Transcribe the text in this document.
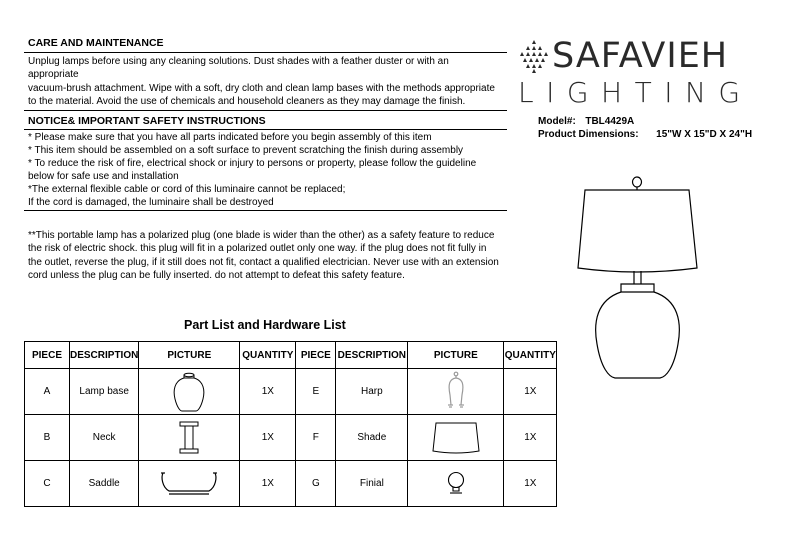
CARE AND MAINTENANCE
Unplug lamps before using any cleaning solutions. Dust shades with a feather duster or with an
appropriate
vacuum-brush attachment. Wipe with a soft, dry cloth and clean lamp bases with the methods appropriate
to the material. Avoid the use of chemicals and household cleaners as they may damage the finish.
NOTICE& IMPORTANT SAFETY INSTRUCTIONS
* Please make sure that you have all parts indicated before you begin assembly of this item
* This item should be assembled on a soft surface to prevent scratching the finish during assembly
* To reduce the risk of fire, electrical shock or injury to persons or property, please follow the guideline
below for safe use and installation
*The external flexible cable or cord of this luminaire cannot be replaced;
If the cord is damaged, the luminaire shall be destroyed
**This portable lamp has a polarized plug (one blade is wider than the other) as a safety feature to reduce
the risk of electric shock. this plug will fit in a polarized outlet only one way. if the plug does not fit fully in
the outlet, reverse the plug, if it still does not fit, contact a qualified electrician. Never use with an extension
cord unless the plug can be fully inserted. do not attempt to defeat this safety feature.
SAFAVIEH
LIGHTING
Model#: TBL4429A
Product Dimensions: 15"W X 15"D X 24"H
Part List and Hardware List
PIECE	DESCRIPTION	PICTURE	QUANTITY	PIECE	DESCRIPTION	PICTURE	QUANTITY
A	Lamp base		1X	E	Harp		1X
B	Neck		1X	F	Shade		1X
C	Saddle		1X	G	Finial		1X
